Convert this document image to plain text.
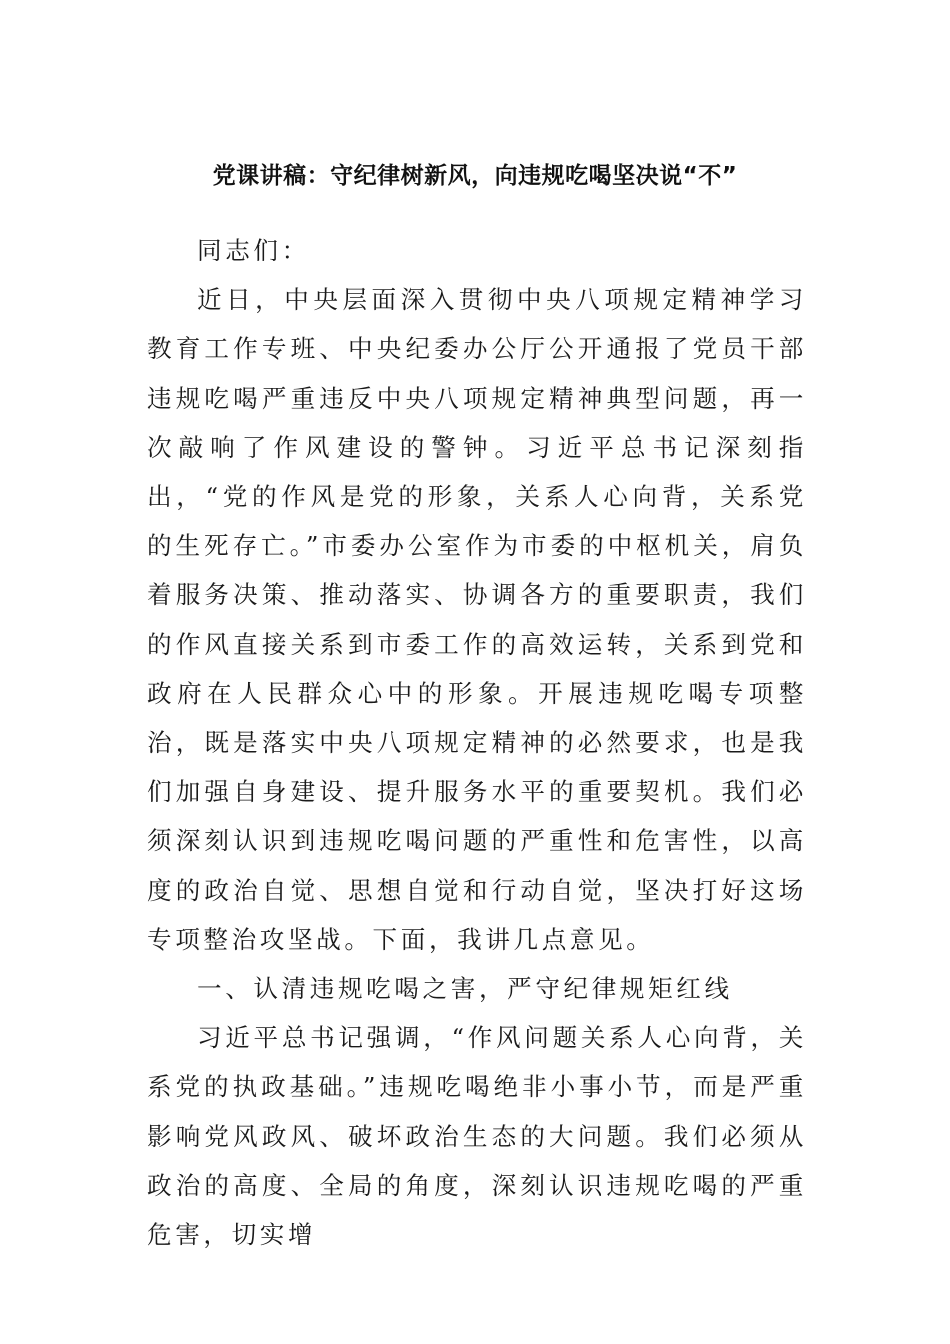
党课讲稿：守纪律树新风，向违规吃喝坚决说“不”

同志们：

近日，中央层面深入贯彻中央八项规定精神学习教育工作专班、中央纪委办公厅公开通报了党员干部违规吃喝严重违反中央八项规定精神典型问题，再一次敲响了作风建设的警钟。习近平总书记深刻指出，“党的作风是党的形象，关系人心向背，关系党的生死存亡。”市委办公室作为市委的中枢机关，肩负着服务决策、推动落实、协调各方的重要职责，我们的作风直接关系到市委工作的高效运转，关系到党和政府在人民群众心中的形象。开展违规吃喝专项整治，既是落实中央八项规定精神的必然要求，也是我们加强自身建设、提升服务水平的重要契机。我们必须深刻认识到违规吃喝问题的严重性和危害性，以高度的政治自觉、思想自觉和行动自觉，坚决打好这场专项整治攻坚战。下面，我讲几点意见。

一、认清违规吃喝之害，严守纪律规矩红线

习近平总书记强调，“作风问题关系人心向背，关系党的执政基础。”违规吃喝绝非小事小节，而是严重影响党风政风、破坏政治生态的大问题。我们必须从政治的高度、全局的角度，深刻认识违规吃喝的严重危害，切实增
